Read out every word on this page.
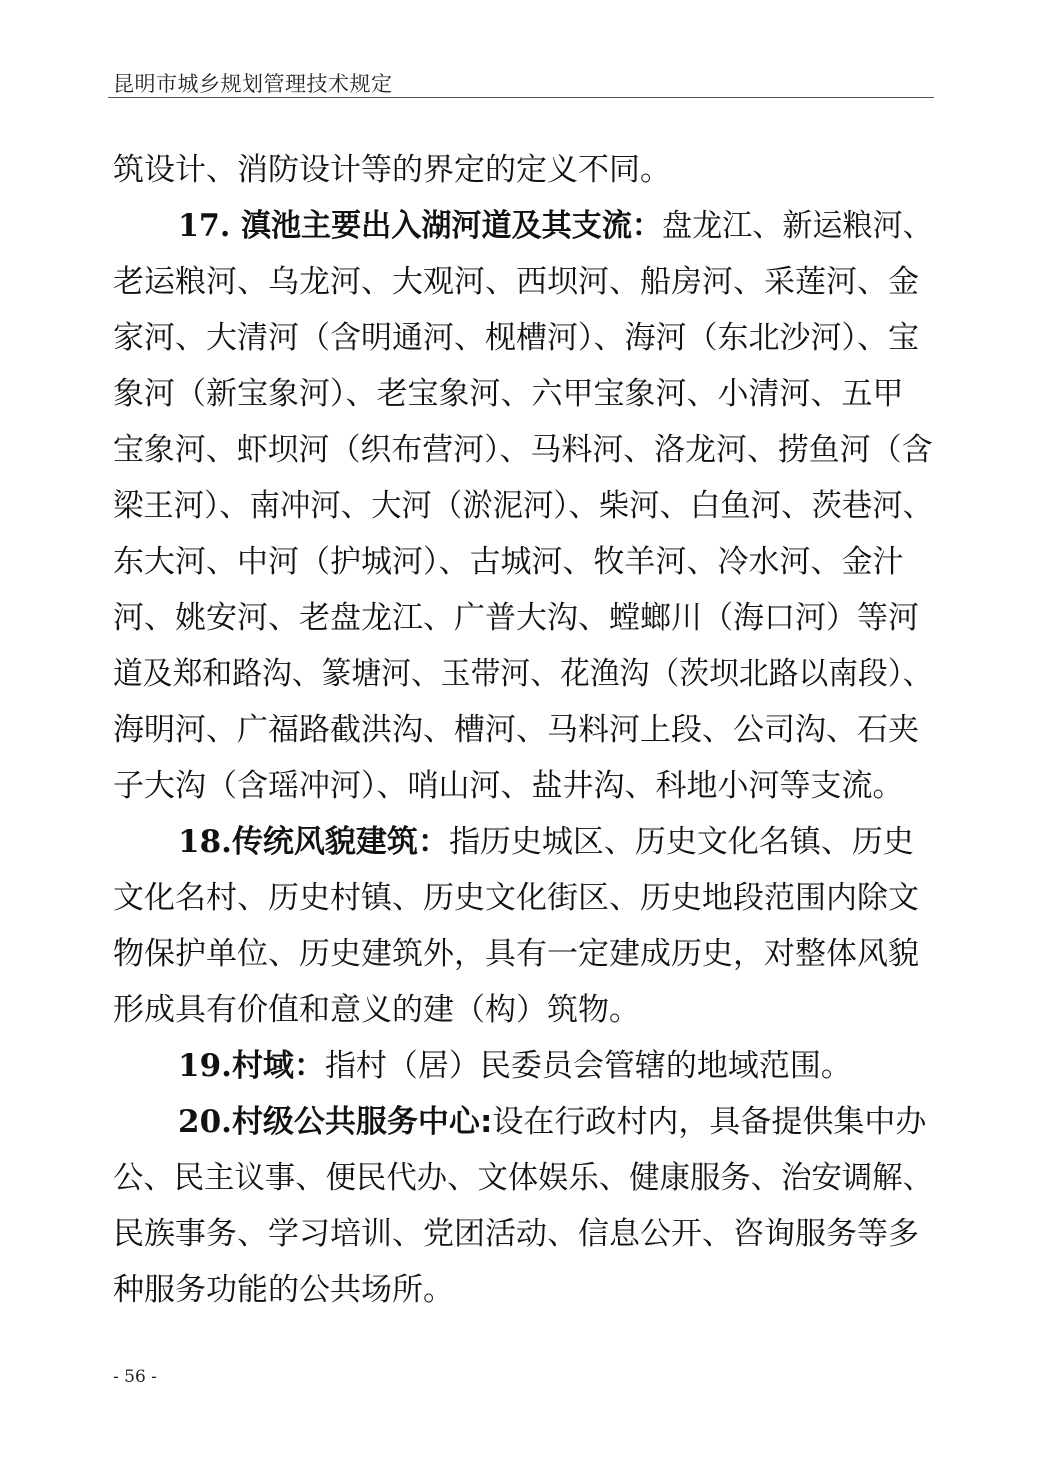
昆明市城乡规划管理技术规定
筑设计、消防设计等的界定的定义不同。
17. 滇池主要出入湖河道及其支流：盘龙江、新运粮河、
老运粮河、乌龙河、大观河、西坝河、船房河、采莲河、金
家河、大清河（含明通河、枧槽河）、海河（东北沙河）、宝
象河（新宝象河）、老宝象河、六甲宝象河、小清河、五甲
宝象河、虾坝河（织布营河）、马料河、洛龙河、捞鱼河（含
梁王河）、南冲河、大河（淤泥河）、柴河、白鱼河、茨巷河、
东大河、中河（护城河）、古城河、牧羊河、冷水河、金汁
河、姚安河、老盘龙江、广普大沟、螳螂川（海口河）等河
道及郑和路沟、篆塘河、玉带河、花渔沟（茨坝北路以南段）、
海明河、广福路截洪沟、槽河、马料河上段、公司沟、石夹
子大沟（含瑶冲河）、哨山河、盐井沟、科地小河等支流。
18.传统风貌建筑：指历史城区、历史文化名镇、历史
文化名村、历史村镇、历史文化街区、历史地段范围内除文
物保护单位、历史建筑外，具有一定建成历史，对整体风貌
形成具有价值和意义的建（构）筑物。
19.村域：指村（居）民委员会管辖的地域范围。
20.村级公共服务中心:设在行政村内，具备提供集中办
公、民主议事、便民代办、文体娱乐、健康服务、治安调解、
民族事务、学习培训、党团活动、信息公开、咨询服务等多
种服务功能的公共场所。
- 56 -
